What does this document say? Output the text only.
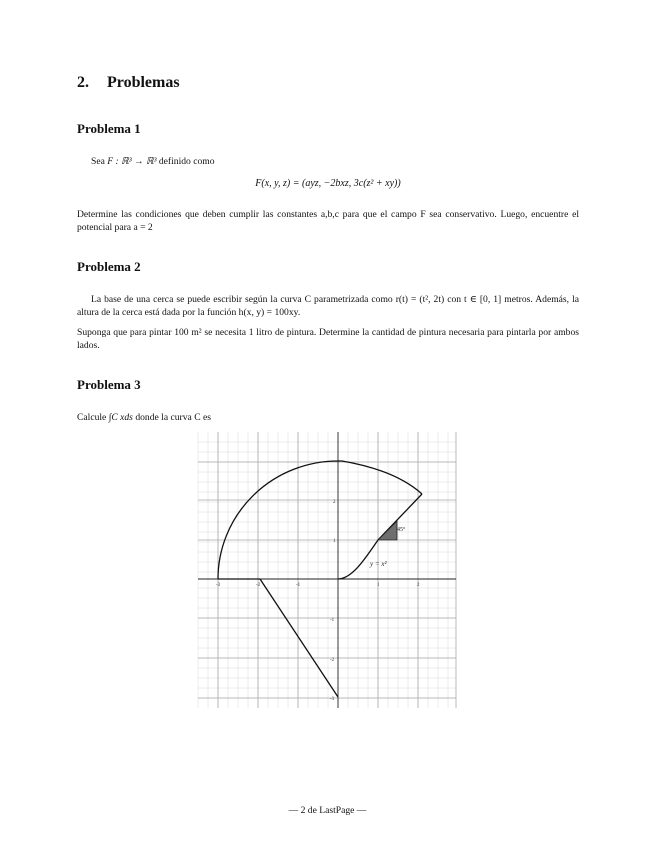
2. Problemas
Problema 1
Sea F : ℝ³ → ℝ³ definido como
F(x, y, z) = (ayz, −2bxz, 3c(z² + xy))
Determine las condiciones que deben cumplir las constantes a,b,c para que el campo F sea conservativo. Luego, encuentre el potencial para a = 2
Problema 2
La base de una cerca se puede escribir según la curva C parametrizada como r(t) = (t², 2t) con t ∈ [0, 1] metros. Además, la altura de la cerca está dada por la función h(x, y) = 100xy.
Suponga que para pintar 100 m² se necesita 1 litro de pintura. Determine la cantidad de pintura necesaria para pintarla por ambos lados.
Problema 3
Calcule ∫C xds donde la curva C es
-3	-2	-1	1	2
-1
-2
-3
1
2
45°
y = x²
— 2 de LastPage —
